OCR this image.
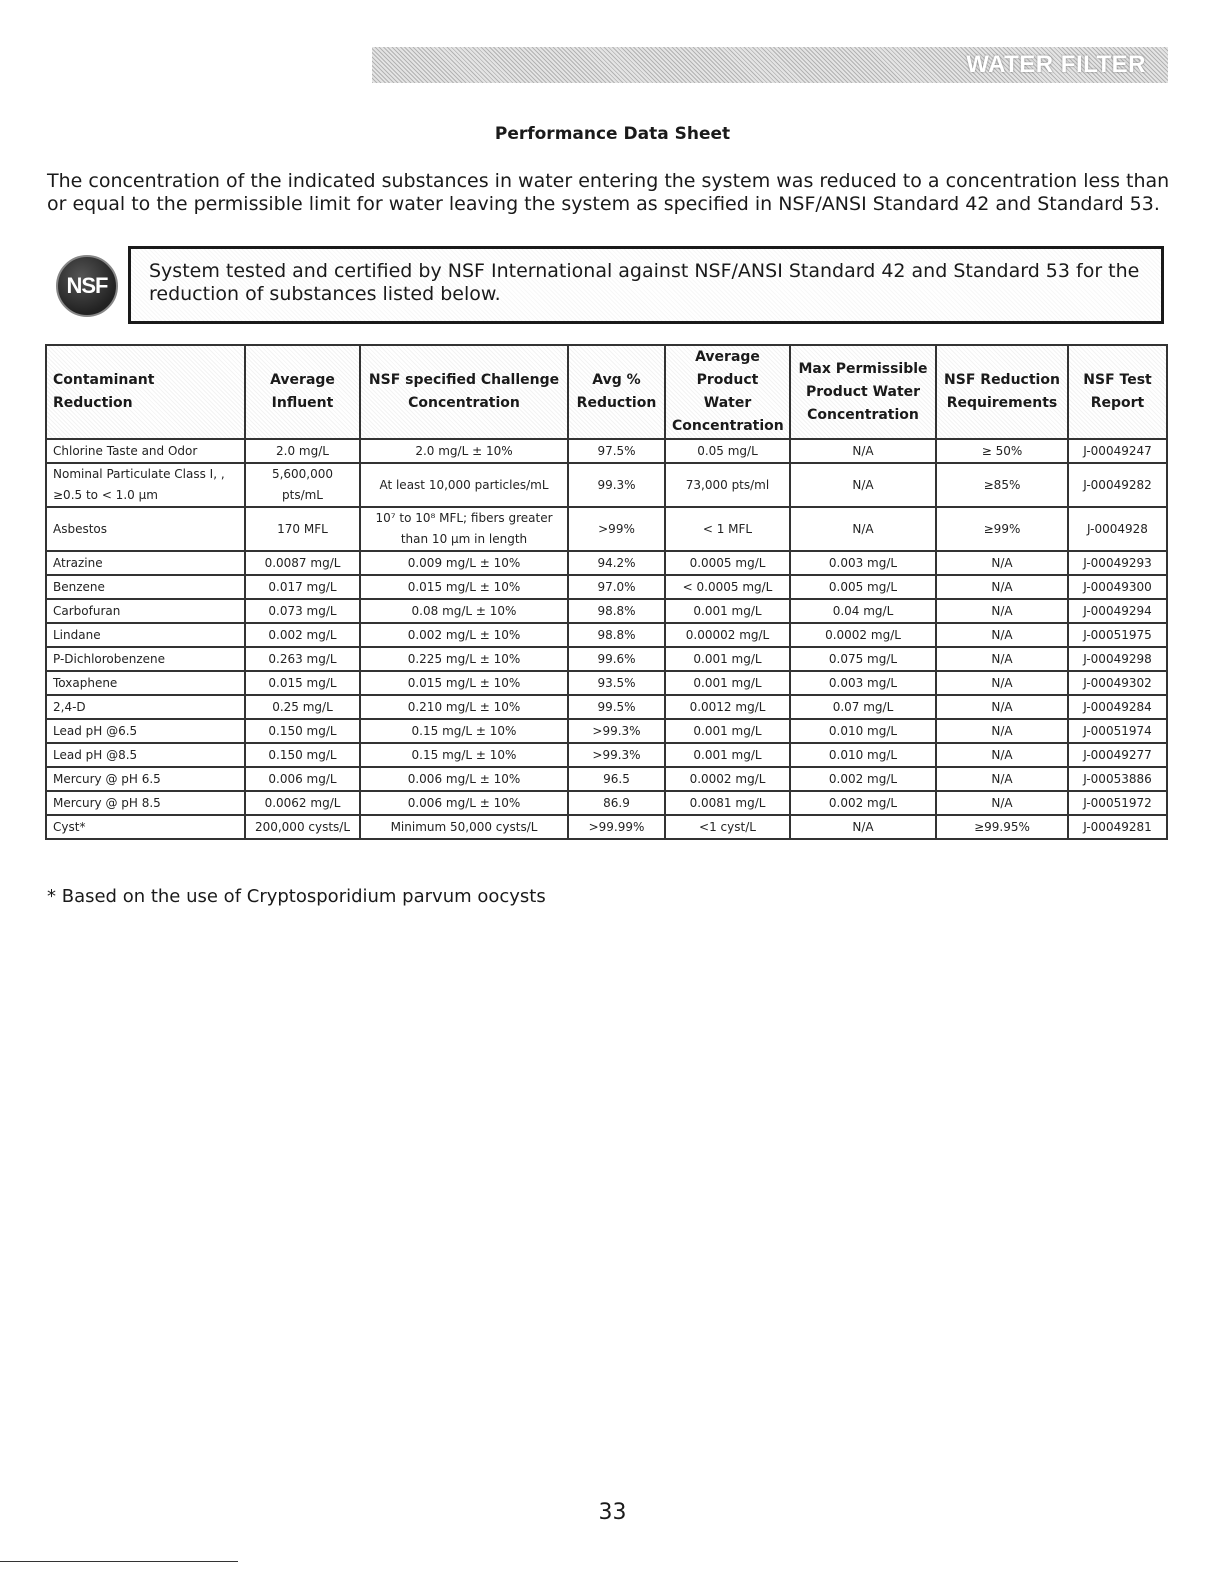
WATER FILTER
Performance Data Sheet
The concentration of the indicated substances in water entering the system was reduced to a concentration less than or equal to the permissible limit for water leaving the system as specified in NSF/ANSI Standard 42 and Standard 53.
NSF
System tested and certified by NSF International against NSF/ANSI Standard 42 and Standard 53 for the reduction of substances listed below.
Contaminant Reduction	Average Influent	NSF specified Challenge Concentration	Avg % Reduction	Average Product Water Concentration	Max Permissible Product Water Concentration	NSF Reduction Requirements	NSF Test Report
Chlorine Taste and Odor	2.0 mg/L	2.0 mg/L ± 10%	97.5%	0.05 mg/L	N/A	≥ 50%	J-00049247
Nominal Particulate Class I, , ≥0.5 to < 1.0 µm	5,600,000 pts/mL	At least 10,000 particles/mL	99.3%	73,000 pts/ml	N/A	≥85%	J-00049282
Asbestos	170 MFL	10⁷ to 10⁸ MFL; fibers greater than 10 µm in length	>99%	< 1 MFL	N/A	≥99%	J-0004928
Atrazine	0.0087 mg/L	0.009 mg/L ± 10%	94.2%	0.0005 mg/L	0.003 mg/L	N/A	J-00049293
Benzene	0.017 mg/L	0.015 mg/L ± 10%	97.0%	< 0.0005 mg/L	0.005 mg/L	N/A	J-00049300
Carbofuran	0.073 mg/L	0.08 mg/L ± 10%	98.8%	0.001 mg/L	0.04 mg/L	N/A	J-00049294
Lindane	0.002 mg/L	0.002 mg/L ± 10%	98.8%	0.00002 mg/L	0.0002 mg/L	N/A	J-00051975
P-Dichlorobenzene	0.263 mg/L	0.225 mg/L ± 10%	99.6%	0.001 mg/L	0.075 mg/L	N/A	J-00049298
Toxaphene	0.015 mg/L	0.015 mg/L ± 10%	93.5%	0.001 mg/L	0.003 mg/L	N/A	J-00049302
2,4-D	0.25 mg/L	0.210 mg/L ± 10%	99.5%	0.0012 mg/L	0.07 mg/L	N/A	J-00049284
Lead pH @6.5	0.150 mg/L	0.15 mg/L ± 10%	>99.3%	0.001 mg/L	0.010 mg/L	N/A	J-00051974
Lead pH @8.5	0.150 mg/L	0.15 mg/L ± 10%	>99.3%	0.001 mg/L	0.010 mg/L	N/A	J-00049277
Mercury @ pH 6.5	0.006 mg/L	0.006 mg/L ± 10%	96.5	0.0002 mg/L	0.002 mg/L	N/A	J-00053886
Mercury @ pH 8.5	0.0062 mg/L	0.006 mg/L ± 10%	86.9	0.0081 mg/L	0.002 mg/L	N/A	J-00051972
Cyst*	200,000 cysts/L	Minimum 50,000 cysts/L	>99.99%	<1 cyst/L	N/A	≥99.95%	J-00049281
* Based on the use of Cryptosporidium parvum oocysts
33
